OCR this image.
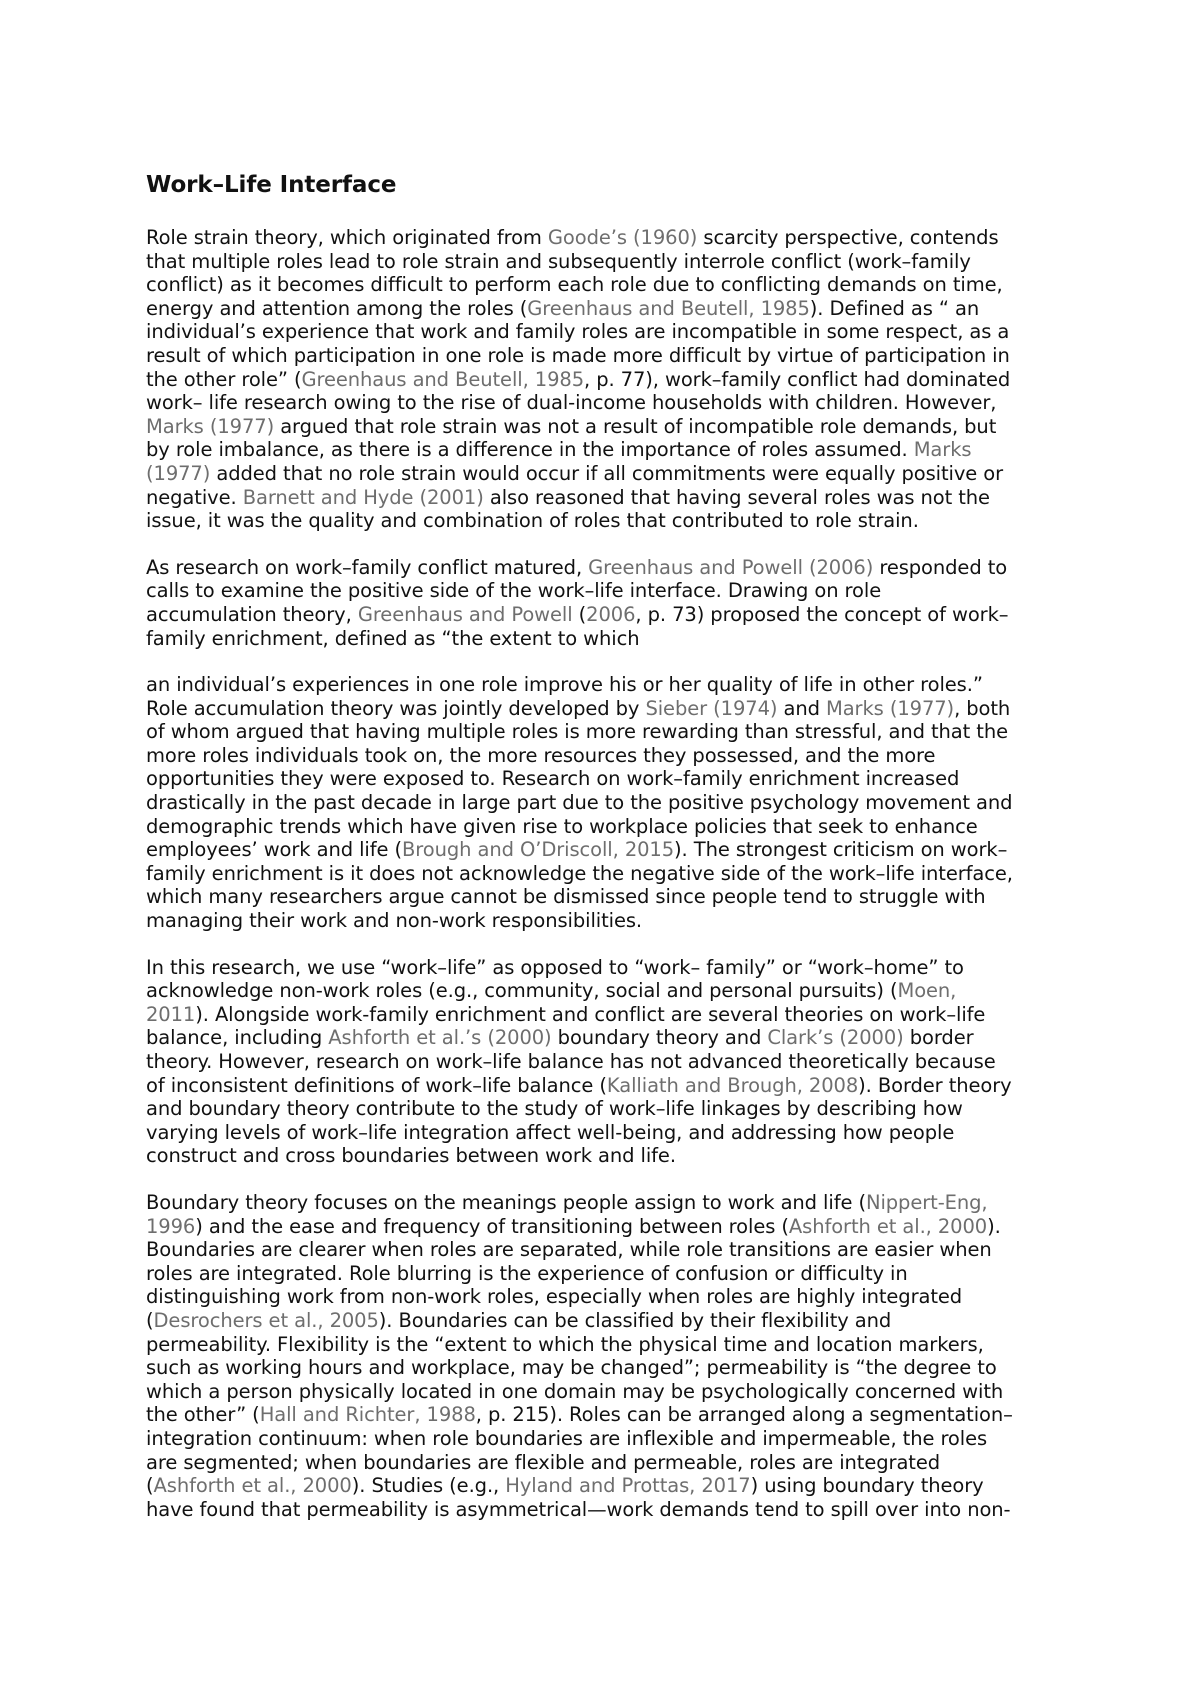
Work–Life Interface

Role strain theory, which originated from Goode’s (1960) scarcity perspective, contends
that multiple roles lead to role strain and subsequently interrole conflict (work–family
conflict) as it becomes difficult to perform each role due to conflicting demands on time,
energy and attention among the roles (Greenhaus and Beutell, 1985). Defined as “ an
individual’s experience that work and family roles are incompatible in some respect, as a
result of which participation in one role is made more difficult by virtue of participation in
the other role” (Greenhaus and Beutell, 1985, p. 77), work–family conflict had dominated
work– life research owing to the rise of dual-income households with children. However,
Marks (1977) argued that role strain was not a result of incompatible role demands, but
by role imbalance, as there is a difference in the importance of roles assumed. Marks
(1977) added that no role strain would occur if all commitments were equally positive or
negative. Barnett and Hyde (2001) also reasoned that having several roles was not the
issue, it was the quality and combination of roles that contributed to role strain.

As research on work–family conflict matured, Greenhaus and Powell (2006) responded to
calls to examine the positive side of the work–life interface. Drawing on role
accumulation theory, Greenhaus and Powell (2006, p. 73) proposed the concept of work–
family enrichment, defined as “the extent to which

an individual’s experiences in one role improve his or her quality of life in other roles.”
Role accumulation theory was jointly developed by Sieber (1974) and Marks (1977), both
of whom argued that having multiple roles is more rewarding than stressful, and that the
more roles individuals took on, the more resources they possessed, and the more
opportunities they were exposed to. Research on work–family enrichment increased
drastically in the past decade in large part due to the positive psychology movement and
demographic trends which have given rise to workplace policies that seek to enhance
employees’ work and life (Brough and O’Driscoll, 2015). The strongest criticism on work–
family enrichment is it does not acknowledge the negative side of the work–life interface,
which many researchers argue cannot be dismissed since people tend to struggle with
managing their work and non-work responsibilities.

In this research, we use “work–life” as opposed to “work– family” or “work–home” to
acknowledge non-work roles (e.g., community, social and personal pursuits) (Moen,
2011). Alongside work-family enrichment and conflict are several theories on work–life
balance, including Ashforth et al.’s (2000) boundary theory and Clark’s (2000) border
theory. However, research on work–life balance has not advanced theoretically because
of inconsistent definitions of work–life balance (Kalliath and Brough, 2008). Border theory
and boundary theory contribute to the study of work–life linkages by describing how
varying levels of work–life integration affect well-being, and addressing how people
construct and cross boundaries between work and life.

Boundary theory focuses on the meanings people assign to work and life (Nippert-Eng,
1996) and the ease and frequency of transitioning between roles (Ashforth et al., 2000).
Boundaries are clearer when roles are separated, while role transitions are easier when
roles are integrated. Role blurring is the experience of confusion or difficulty in
distinguishing work from non-work roles, especially when roles are highly integrated
(Desrochers et al., 2005). Boundaries can be classified by their flexibility and
permeability. Flexibility is the “extent to which the physical time and location markers,
such as working hours and workplace, may be changed”; permeability is “the degree to
which a person physically located in one domain may be psychologically concerned with
the other” (Hall and Richter, 1988, p. 215). Roles can be arranged along a segmentation–
integration continuum: when role boundaries are inflexible and impermeable, the roles
are segmented; when boundaries are flexible and permeable, roles are integrated
(Ashforth et al., 2000). Studies (e.g., Hyland and Prottas, 2017) using boundary theory
have found that permeability is asymmetrical—work demands tend to spill over into non-
